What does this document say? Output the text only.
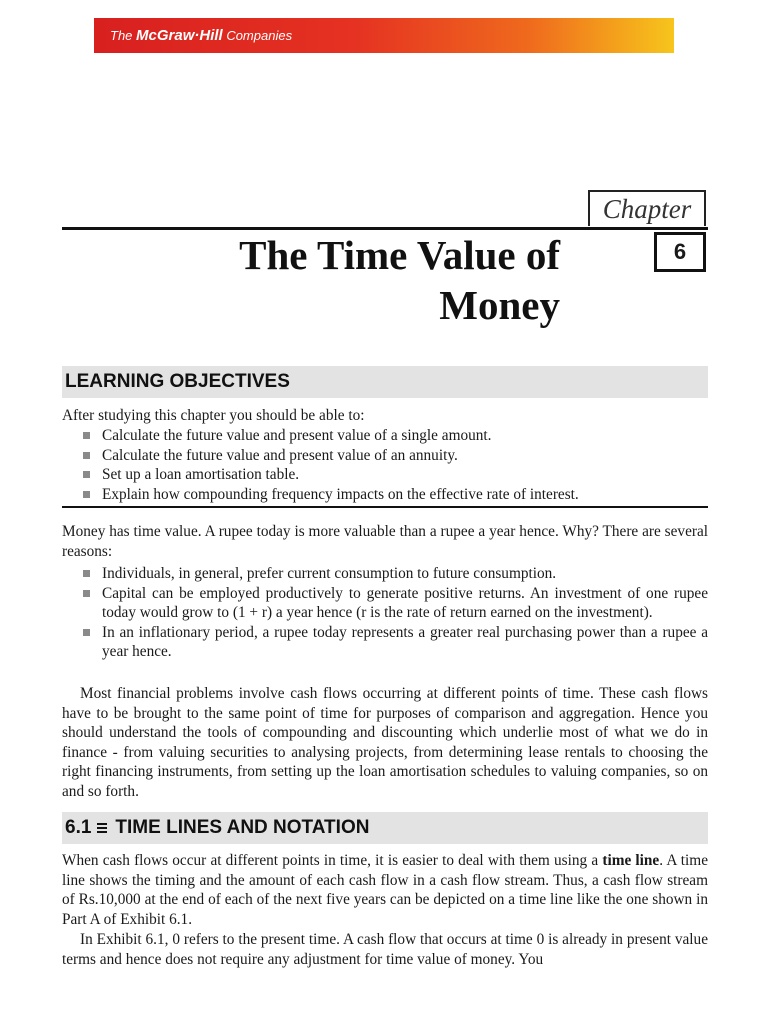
The McGraw·Hill Companies
Chapter
6
The Time Value of
Money
LEARNING OBJECTIVES

After studying this chapter you should be able to:

Calculate the future value and present value of a single amount.
Calculate the future value and present value of an annuity.
Set up a loan amortisation table.
Explain how compounding frequency impacts on the effective rate of interest.

Money has time value. A rupee today is more valuable than a rupee a year hence. Why? There are several reasons:

Individuals, in general, prefer current consumption to future consumption.
Capital can be employed productively to generate positive returns. An investment of one rupee today would grow to (1 + r) a year hence (r is the rate of return earned on the investment).
In an inflationary period, a rupee today represents a greater real purchasing power than a rupee a year hence.

Most financial problems involve cash flows occurring at different points of time. These cash flows have to be brought to the same point of time for purposes of comparison and aggregation. Hence you should understand the tools of compounding and discounting which underlie most of what we do in finance - from valuing securities to analysing projects, from determining lease rentals to choosing the right financing instruments, from setting up the loan amortisation schedules to valuing companies, so on and so forth.

6.1 TIME LINES AND NOTATION

When cash flows occur at different points in time, it is easier to deal with them using a time line. A time line shows the timing and the amount of each cash flow in a cash flow stream. Thus, a cash flow stream of Rs.10,000 at the end of each of the next five years can be depicted on a time line like the one shown in Part A of Exhibit 6.1.

In Exhibit 6.1, 0 refers to the present time. A cash flow that occurs at time 0 is already in present value terms and hence does not require any adjustment for time value of money. You
